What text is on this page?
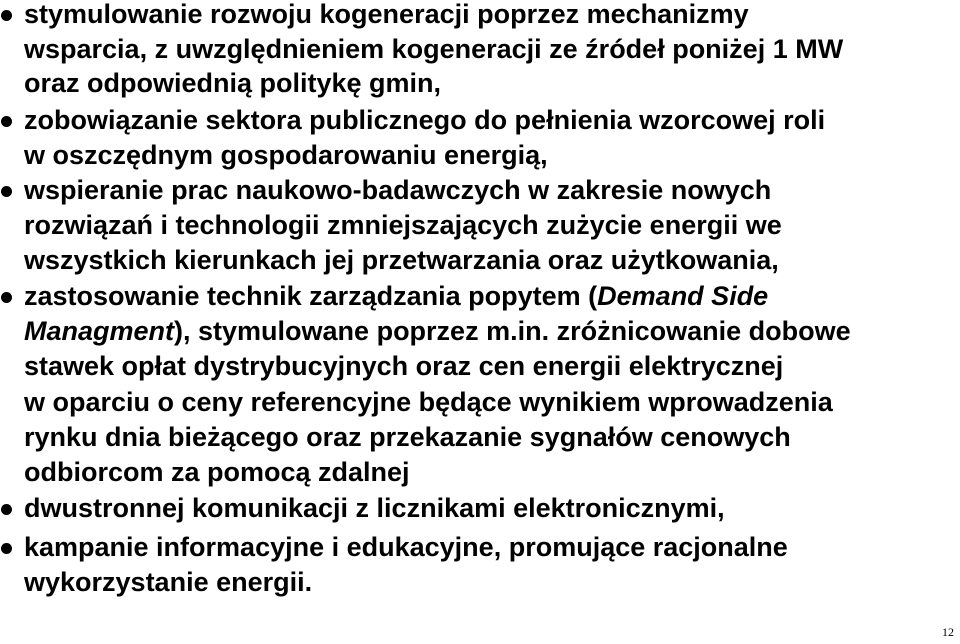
stymulowanie rozwoju kogeneracji poprzez mechanizmy
wsparcia, z uwzględnieniem kogeneracji ze źródeł poniżej 1 MW
oraz odpowiednią politykę gmin,
zobowiązanie sektora publicznego do pełnienia wzorcowej roli
w oszczędnym gospodarowaniu energią,
wspieranie prac naukowo-badawczych w zakresie nowych
rozwiązań i technologii zmniejszających zużycie energii we
wszystkich kierunkach jej przetwarzania oraz użytkowania,
zastosowanie technik zarządzania popytem (Demand Side
Managment), stymulowane poprzez m.in. zróżnicowanie dobowe
stawek opłat dystrybucyjnych oraz cen energii elektrycznej
w oparciu o ceny referencyjne będące wynikiem wprowadzenia
rynku dnia bieżącego oraz przekazanie sygnałów cenowych
odbiorcom za pomocą zdalnej
dwustronnej komunikacji z licznikami elektronicznymi,
kampanie informacyjne i edukacyjne, promujące racjonalne
wykorzystanie energii.
12
